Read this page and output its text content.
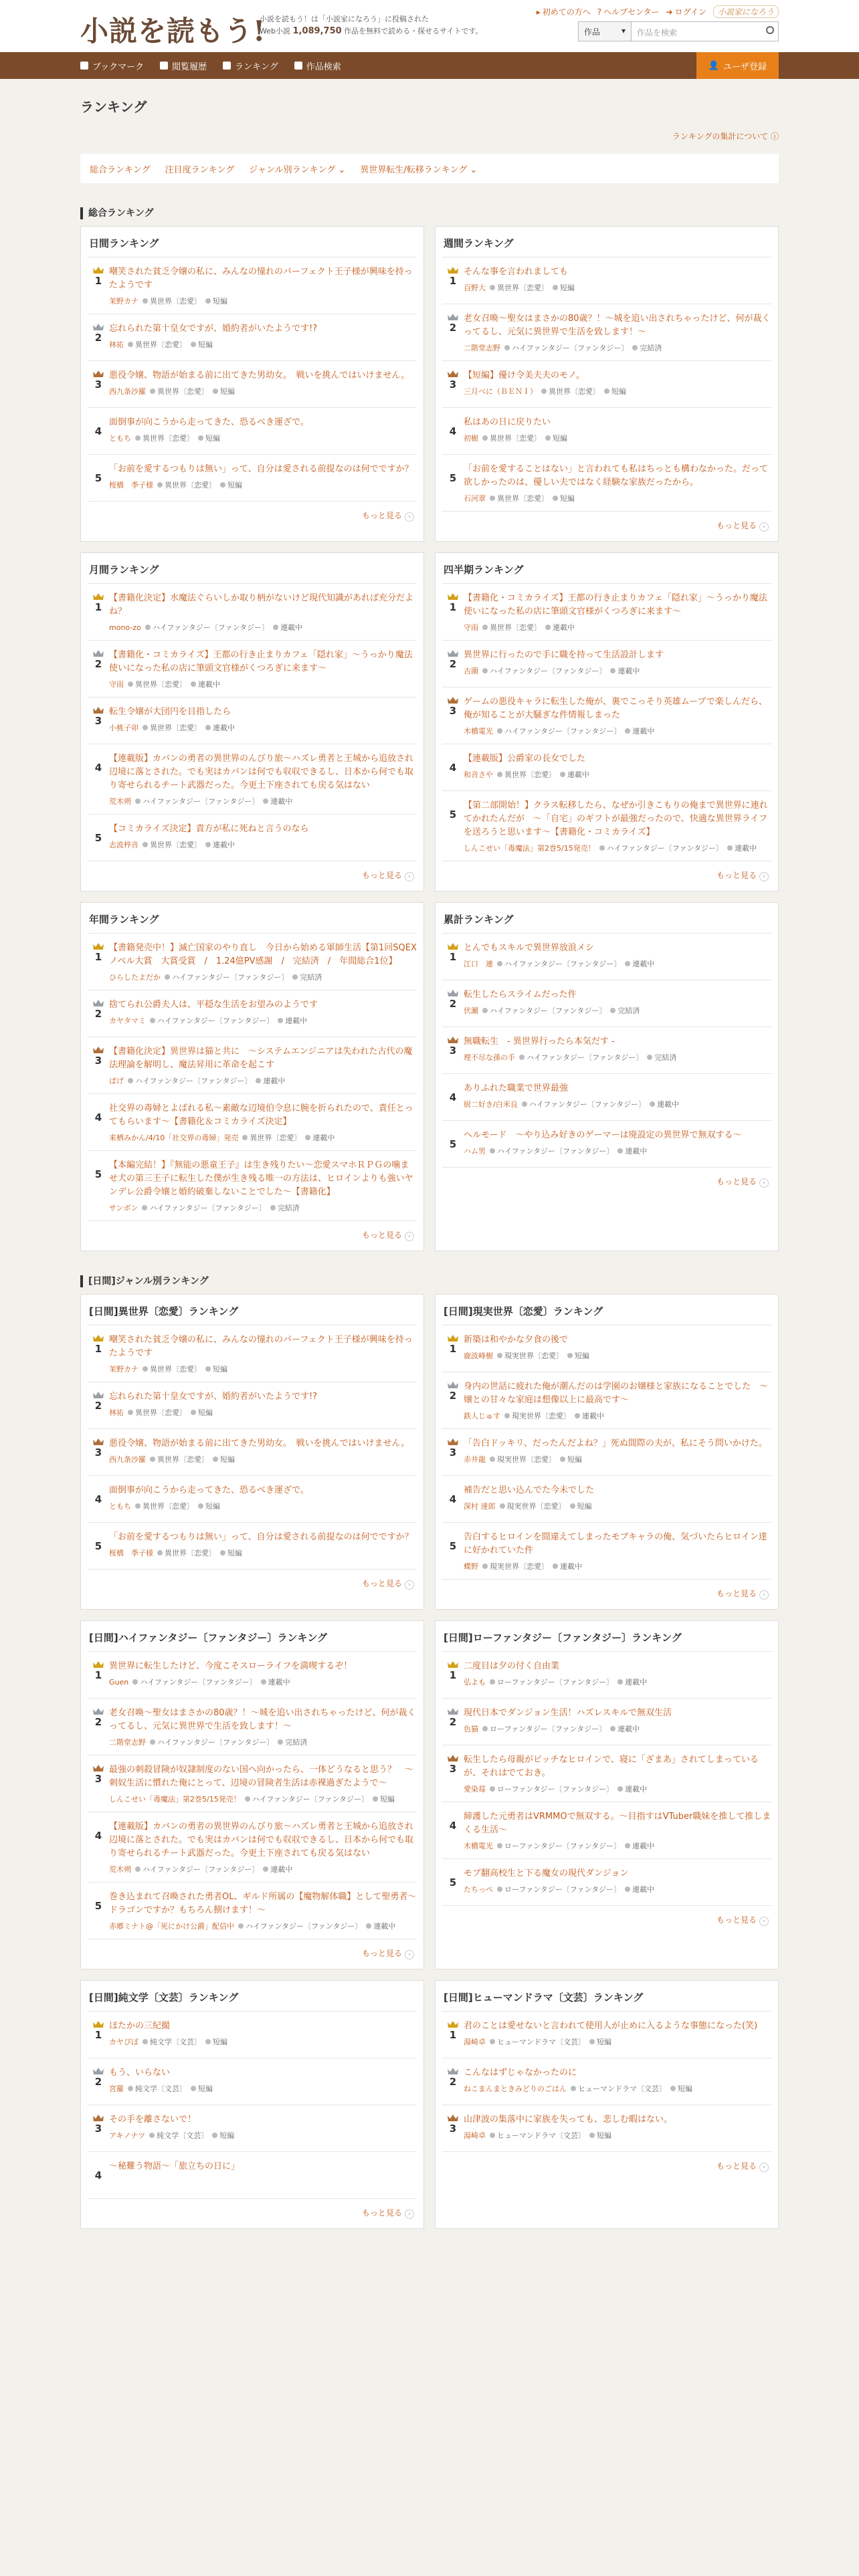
小説を読もう!
小説を読もう！は「小説家になろう」に投稿された
Web小説 1,089,750 作品を無料で読める・探せるサイトです。
▸ 初めての方へ ? ヘルプセンター ➜ ログイン	小説家になろう
作品	▾	作品を検索
ブックマーク	閲覧履歴	ランキング	作品検索	👤 ユーザ登録
ランキング
ランキングの集計について ⓘ
総合ランキング 注目度ランキング ジャンル別ランキング ⌄ 異世界転生/転移ランキング ⌄
総合ランキング
日間ランキング
1
嘲笑された貧乏令嬢の私に、みんなの憧れのパーフェクト王子様が興味を持ったようです
茉野カナ 異世界〔恋愛〕 短編
2
忘れられた第十皇女ですが、婚約者がいたようです!?
林祐 異世界〔恋愛〕 短編
3
悪役令嬢、物語が始まる前に出てきた男幼女。　戦いを挑んではいけません。
西九条沙羅 異世界〔恋愛〕 短編
4
面倒事が向こうから走ってきた、恐るべき運ざで。
ともち 異世界〔恋愛〕 短編
5
「お前を愛するつもりは無い」って、自分は愛される前提なのは何でですか？
桜橋　季子様 異世界〔恋愛〕 短編
もっと見る ›
週間ランキング
1
そんな事を言われましても
百野大 異世界〔恋愛〕 短編
2
老女召喚〜聖女はまさかの80歳？！〜城を追い出されちゃったけど、何が裁くってるし、元気に異世界で生活を致します！〜
二階堂志野 ハイファンタジー〔ファンタジー〕 完結済
3
【短編】優け令美夫夫のモノ。
三月べに（ＢＥＮＩ） 異世界〔恋愛〕 短編
4
私はあの日に戻りたい
初樹 異世界〔恋愛〕 短編
5
「お前を愛することはない」と言われても私はちっとも構わなかった。だって欲しかったのは、優しい夫ではなく経験な家族だったから。
石河翠 異世界〔恋愛〕 短編
もっと見る ›
月間ランキング
1
【書籍化決定】水魔法ぐらいしか取り柄がないけど現代知識があれば充分だよね？
mono-zo ハイファンタジー〔ファンタジー〕 連載中
2
【書籍化・コミカライズ】王都の行き止まりカフェ「隠れ家」〜うっかり魔法使いになった私の店に筆頭文官様がくつろぎに来ます〜
守雨 異世界〔恋愛〕 連載中
3
転生令嬢が大団円を目指したら
小桃子卯 異世界〔恋愛〕 連載中
4
【連載版】カバンの勇者の異世界のんびり旅〜ハズレ勇者と王城から追放され辺境に落とされた。でも実はカバンは何でも収収できるし、日本から何でも取り寄せられるチート武器だった。今更土下座されても戻る気はない
荒木朔 ハイファンタジー〔ファンタジー〕 連載中
5
【コミカライズ決定】責方が私に死ねと言うのなら
志波梓音 異世界〔恋愛〕 連載中
もっと見る ›
四半期ランキング
1
【書籍化・コミカライズ】王都の行き止まりカフェ「隠れ家」〜うっかり魔法使いになった私の店に筆頭文官様がくつろぎに来ます〜
守雨 異世界〔恋愛〕 連載中
2
異世界に行ったので手に職を持って生活設計します
古薗 ハイファンタジー〔ファンタジー〕 連載中
3
ゲームの悪役キャラに転生した俺が、裏でこっそり英雄ムーブで楽しんだら、俺が知ることが大騒ぎな件情報しまった
木橋電光 ハイファンタジー〔ファンタジー〕 連載中
4
【連載版】公爵家の長女でした
和音さや 異世界〔恋愛〕 連載中
5
【第二部開始！】クラス転移したら、なぜか引きこもりの俺まで異世界に連れてかれたんだが　〜「自宅」のギフトが最強だったので、快適な異世界ライフを送ろうと思います〜【書籍化・コミカライズ】
しんこせい「毒魔法」第2巻5/15発売！ ハイファンタジー〔ファンタジー〕 連載中
もっと見る ›
年間ランキング
1
【書籍発売中！】滅亡国家のやり直し　今日から始める軍師生活【第1回SQEXノベル大賞　大賞受賞　/　1.24億PV感謝　/　完結済　/　年間総合1位】
ひらしたよだか ハイファンタジー〔ファンタジー〕 完結済
2
捨てられ公爵夫人は、平穏な生活をお望みのようです
カヤタマミ ハイファンタジー〔ファンタジー〕 連載中
3
【書籍化決定】異世界は猫と共に　〜システムエンジニアは失われた古代の魔法理論を解明し、魔法昇用に革命を起こす
ぱげ ハイファンタジー〔ファンタジー〕 連載中
4
社交界の毒婦とよばれる私〜素敵な辺境伯令息に腕を折られたので、責任とってもらいます〜【書籍化＆コミカライズ決定】
来栖みかん/4/10「社交界の毒婦」発売 異世界〔恋愛〕 連載中
5
【本編完結！】『無能の悪童王子』は生き残りたい〜恋愛スマホＲＰＧの噛ませ犬の第三王子に転生した僕が生き残る唯一の方法は、ヒロインよりも強いヤンデレ公爵令嬢と婚約破棄しないことでした〜【書籍化】
サンボン ハイファンタジー〔ファンタジー〕 完結済
もっと見る ›
累計ランキング
1
とんでもスキルで異世界放浪メシ
江口　連 ハイファンタジー〔ファンタジー〕 連載中
2
転生したらスライムだった件
伏瀬 ハイファンタジー〔ファンタジー〕 完結済
3
無職転生　- 異世界行ったら本気だす -
理不尽な孫の手 ハイファンタジー〔ファンタジー〕 完結済
4
ありふれた職業で世界最強
厨二好き/白米良 ハイファンタジー〔ファンタジー〕 連載中
5
ヘルモード　〜やり込み好きのゲーマーは廃設定の異世界で無双する〜
ハム男 ハイファンタジー〔ファンタジー〕 連載中
もっと見る ›
[日間]ジャンル別ランキング
[日間]異世界〔恋愛〕ランキング
1
嘲笑された貧乏令嬢の私に、みんなの憧れのパーフェクト王子様が興味を持ったようです
茉野カナ 異世界〔恋愛〕 短編
2
忘れられた第十皇女ですが、婚約者がいたようです!?
林祐 異世界〔恋愛〕 短編
3
悪役令嬢、物語が始まる前に出てきた男幼女。　戦いを挑んではいけません。
西九条沙羅 異世界〔恋愛〕 短編
4
面倒事が向こうから走ってきた、恐るべき運ざで。
ともち 異世界〔恋愛〕 短編
5
「お前を愛するつもりは無い」って、自分は愛される前提なのは何でですか？
桜橋　季子様 異世界〔恋愛〕 短編
もっと見る ›
[日間]現実世界〔恋愛〕ランキング
1
新築は和やかな夕食の後で
鹿波峰樹 現実世界〔恋愛〕 短編
2
身内の世話に疲れた俺が潮んだのは学園のお嬢様と家族になることでした　〜嬢との甘々な家庭は想像以上に最高です〜
鉄人じゅす 現実世界〔恋愛〕 連載中
3
「告白ドッキリ、だったんだよね？」死ぬ間際の夫が、私にそう問いかけた。
赤井龍 現実世界〔恋愛〕 短編
4
補告だと思い込んでた今未でした
深村 達郎 現実世界〔恋愛〕 短編
5
告白するヒロインを間違えてしまったモブキャラの俺、気づいたらヒロイン達に好かれていた件
蝶野 現実世界〔恋愛〕 連載中
もっと見る ›
[日間]ハイファンタジー〔ファンタジー〕ランキング
1
異世界に転生したけど、今度こそスローライフを満喫するぞ！
Guen ハイファンタジー〔ファンタジー〕 連載中
2
老女召喚〜聖女はまさかの80歳？！〜城を追い出されちゃったけど、何が裁くってるし、元気に異世界で生活を致します！〜
二階堂志野 ハイファンタジー〔ファンタジー〕 完結済
3
最強の刺殺冒険が奴隷制度のない国へ向かったら、一体どうなると思う？　〜刺奴生活に慣れた俺にとって、辺境の冒険者生活は赤裸過ぎたようで〜
しんこせい「毒魔法」第2巻5/15発売！ ハイファンタジー〔ファンタジー〕 短編
4
【連載版】カバンの勇者の異世界のんびり旅〜ハズレ勇者と王城から追放され辺境に落とされた。でも実はカバンは何でも収収できるし、日本から何でも取り寄せられるチート武器だった。今更土下座されても戻る気はない
荒木朔 ハイファンタジー〔ファンタジー〕 連載中
5
巻き込まれて召喚された勇者OL、ギルド所属の【魔物解体職】として聖勇者〜ドラゴンですか？もちろん捌けます！〜
赤郷ミナト@「死にかけ公爵」配信中 ハイファンタジー〔ファンタジー〕 連載中
もっと見る ›
[日間]ローファンタジー〔ファンタジー〕ランキング
1
二度目は夕の付く自由業
弘よも ローファンタジー〔ファンタジー〕 連載中
2
現代日本でダンジョン生活！ハズレスキルで無双生活
色猫 ローファンタジー〔ファンタジー〕 連載中
3
転生したら母親がビッチなヒロインで、寝に「ざまあ」されてしまっているが、それはでておき。
愛染莓 ローファンタジー〔ファンタジー〕 連載中
4
締護した元勇者はVRMMOで無双する。〜目指すはVTuber職妹を推して推しまくる生活〜
木橋電光 ローファンタジー〔ファンタジー〕 連載中
5
モブ翻高校生と下る魔女の現代ダンジョン
たちっぺ ローファンタジー〔ファンタジー〕 連載中
もっと見る ›
[日間]純文学〔文芸〕ランキング
1
ほたかの三紀撮
カヤぴぽ 純文学〔文芸〕 短編
2
もう、いらない
宮羅 純文学〔文芸〕 短編
3
その手を離さないで！
アキノナツ 純文学〔文芸〕 短編
4
〜秘難う物語〜「旅立ちの日に」
もっと見る ›
[日間]ヒューマンドラマ〔文芸〕ランキング
1
君のことは愛せないと言われて使用人が止めに入るような事態になった(笑)
湯崎卓 ヒューマンドラマ〔文芸〕 短編
2
こんなはずじゃなかったのに
ねこまんまときみどりのごはん ヒューマンドラマ〔文芸〕 短編
3
山津波の集落中に家族を失っても、悲しむ暇はない。
湯崎卓 ヒューマンドラマ〔文芸〕 短編
もっと見る ›
